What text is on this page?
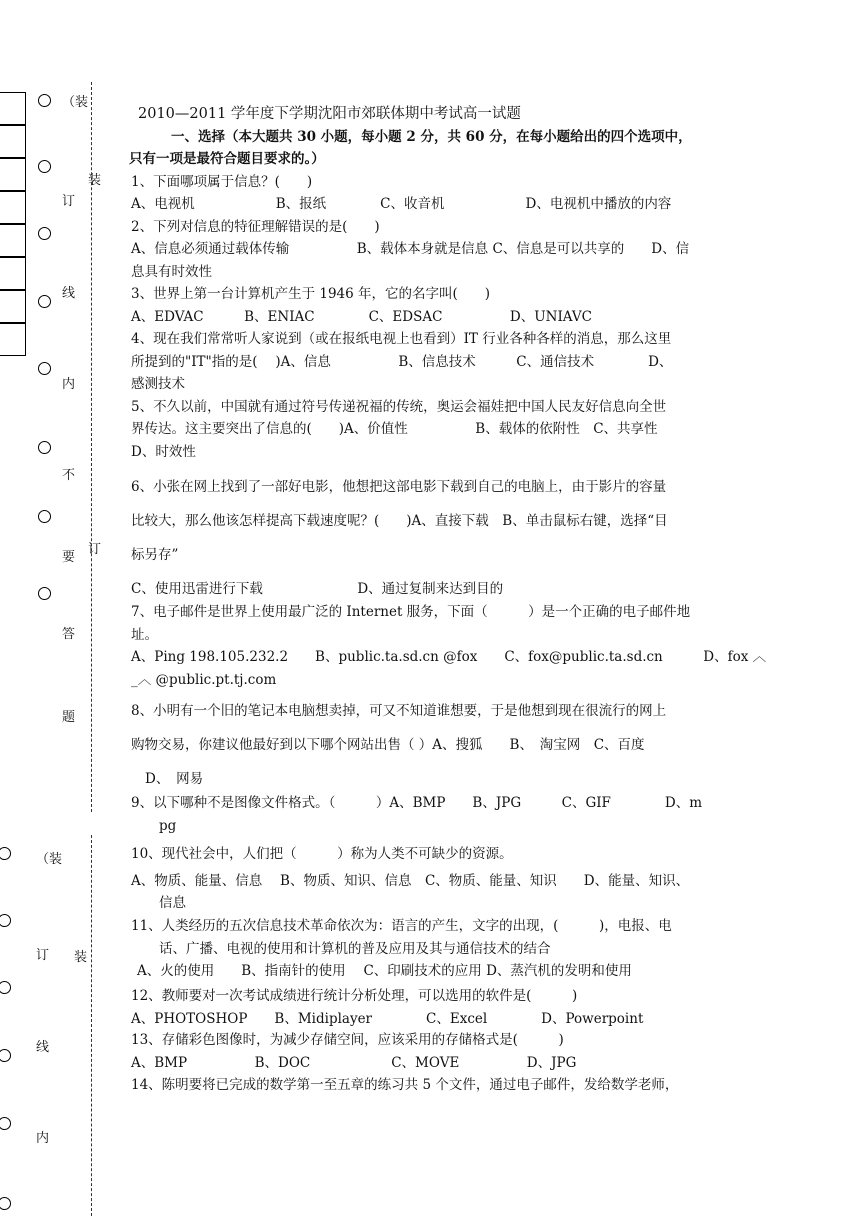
（装
订
线
内
不
要
答
题
装
订
（装
订
线
内
装
2010—2011 学年度下学期沈阳市郊联体期中考试高一试题
一、选择（本大题共 30 小题，每小题 2 分，共 60 分，在每小题给出的四个选项中，
只有一项是最符合题目要求的。）
1、下面哪项属于信息？(　　)
A、电视机　　　　　　B、报纸　　　　C、收音机　　　　　　D、电视机中播放的内容
2、下列对信息的特征理解错误的是(　　)
A、信息必须通过载体传输　　　　　B、载体本身就是信息 C、信息是可以共享的　　D、信
息具有时效性
3、世界上第一台计算机产生于 1946 年，它的名字叫(　　)
A、EDVAC　　　B、ENIAC　　　　C、EDSAC　　　　　D、UNIAVC
4、现在我们常常听人家说到（或在报纸电视上也看到）IT 行业各种各样的消息，那么这里
所提到的"IT"指的是(　 )A、信息　　　　　B、信息技术　　　C、通信技术　　　　D、
感测技术
5、不久以前，中国就有通过符号传递祝福的传统，奥运会福娃把中国人民友好信息向全世
界传达。这主要突出了信息的(　　)A、价值性　　　　　B、载体的依附性　C、共享性
D、时效性
6、小张在网上找到了一部好电影，他想把这部电影下载到自己的电脑上，由于影片的容量
比较大，那么他该怎样提高下载速度呢？(　　)A、直接下载　B、单击鼠标右键，选择“目
标另存”
C、使用迅雷进行下载　　　　　　　D、通过复制来达到目的
7、电子邮件是世界上使用最广泛的 Internet 服务，下面（　　　）是一个正确的电子邮件地
址。
A、Ping 198.105.232.2　　B、public.ta.sd.cn @fox　　C、fox@public.ta.sd.cn　　　D、fox ︿
_︿ @public.pt.tj.com
8、小明有一个旧的笔记本电脑想卖掉，可又不知道谁想要，于是他想到现在很流行的网上
购物交易，你建议他最好到以下哪个网站出售（ ）A、搜狐　　B、　淘宝网　C、百度
D、　网易
9、以下哪种不是图像文件格式。（　　　）A、BMP　　B、JPG　　　C、GIF　　　　D、m
pg
10、现代社会中，人们把（　　　）称为人类不可缺少的资源。
A、物质、能量、信息　 B、物质、知识、信息　C、物质、能量、知识　　D、能量、知识、
信息
11、人类经历的五次信息技术革命依次为：语言的产生，文字的出现，(　　　)，电报、电
话、广播、电视的使用和计算机的普及应用及其与通信技术的结合
A、火的使用　　B、指南针的使用　 C、印刷技术的应用 D、蒸汽机的发明和使用
12、教师要对一次考试成绩进行统计分析处理，可以选用的软件是(　　　)
A、PHOTOSHOP　　B、Midiplayer　　　　C、Excel　　　　D、Powerpoint
13、存储彩色图像时，为减少存储空间，应该采用的存储格式是(　　　)
A、BMP　　　　　B、DOC　　　　　　C、MOVE　　　　　D、JPG
14、陈明要将已完成的数学第一至五章的练习共 5 个文件，通过电子邮件，发给数学老师，
